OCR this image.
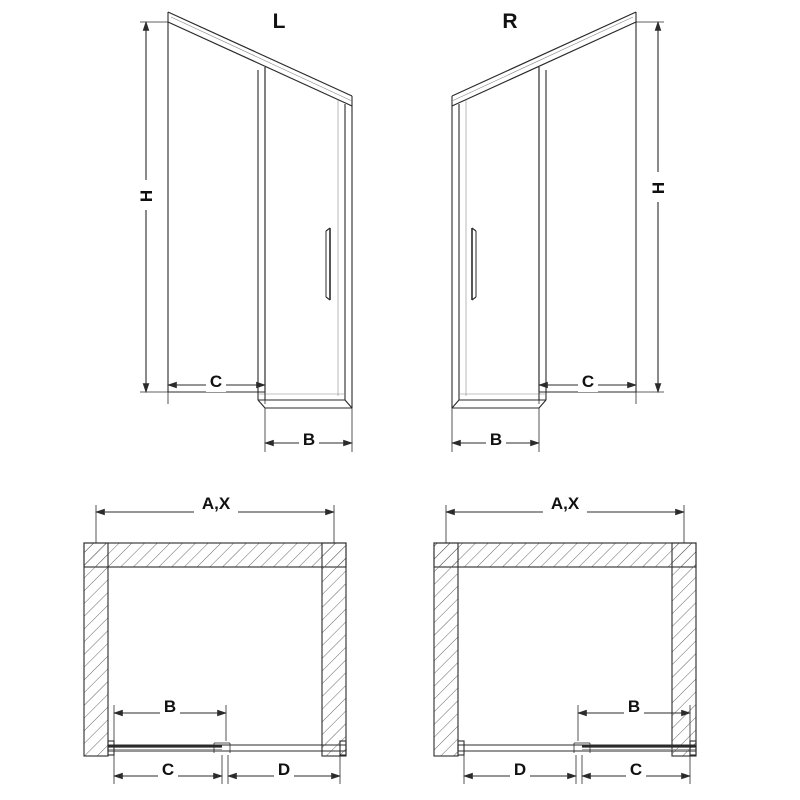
L	R
H
H
C
B
C
B
A,X	A,X
B	B
C	D	D	C
